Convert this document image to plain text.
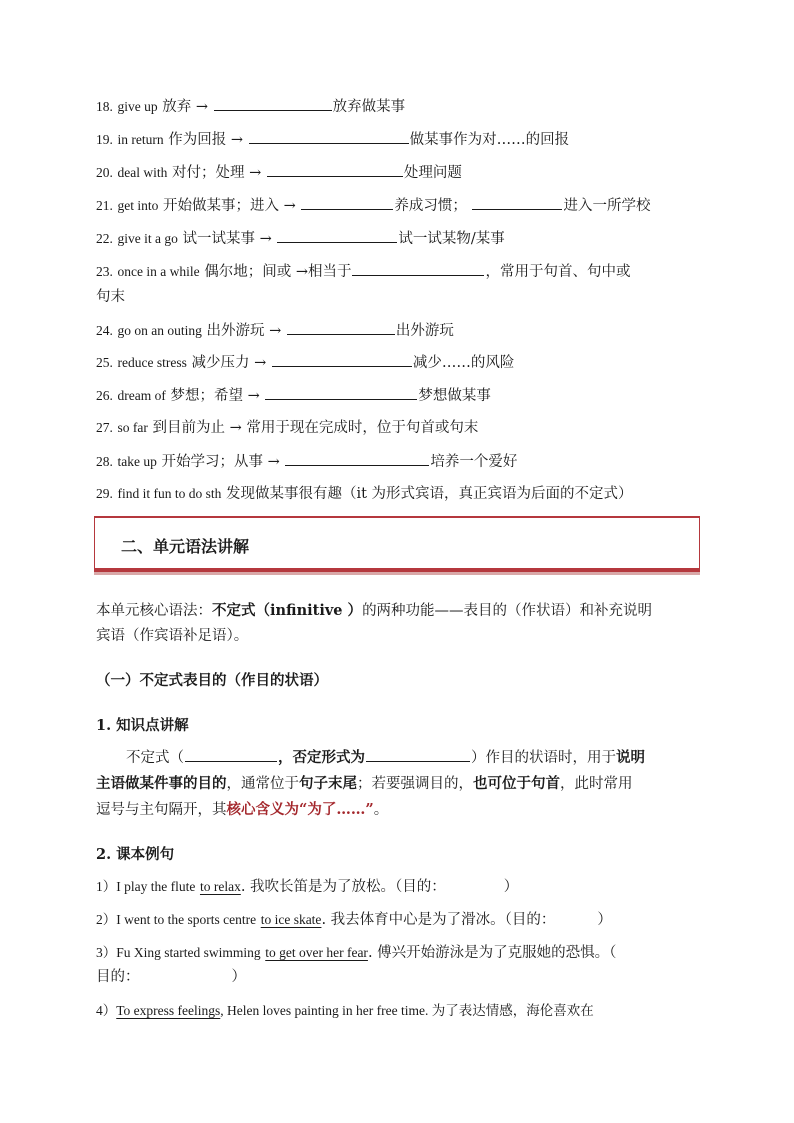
18. give up 放弃 →	放弃做某事
19. in return 作为回报 →	做某事作为对……的回报
20. deal with 对付；处理 →	处理问题
21. get into 开始做某事；进入 →	养成习惯；	进入一所学校
22. give it a go 试一试某事 →	试一试某物/某事
23. once in a while 偶尔地；间或 →相当于	，常用于句首、句中或
句末
24. go on an outing 出外游玩 →	出外游玩
25. reduce stress 减少压力 →	减少……的风险
26. dream of 梦想；希望 →	梦想做某事
27. so far 到目前为止 → 常用于现在完成时，位于句首或句末
28. take up 开始学习；从事 →	培养一个爱好
29. find it fun to do sth 发现做某事很有趣（it 为形式宾语，真正宾语为后面的不定式）
二、单元语法讲解
本单元核心语法：不定式（infinitive ）的两种功能——表目的（作状语）和补充说明
宾语（作宾语补足语）。
（一）不定式表目的（作目的状语）
1. 知识点讲解
不定式（	，否定形式为	）作目的状语时，用于说明
主语做某件事的目的，通常位于句子末尾；若要强调目的，也可位于句首，此时常用
逗号与主句隔开，其核心含义为“为了……”。
2. 课本例句
1）I play the flute to relax. 我吹长笛是为了放松。（目的：	）
2）I went to the sports centre to ice skate. 我去体育中心是为了滑冰。（目的：	）
3）Fu Xing started swimming to get over her fear. 傅兴开始游泳是为了克服她的恐惧。（
目的：	）
4）To express feelings, Helen loves painting in her free time. 为了表达情感，海伦喜欢在
